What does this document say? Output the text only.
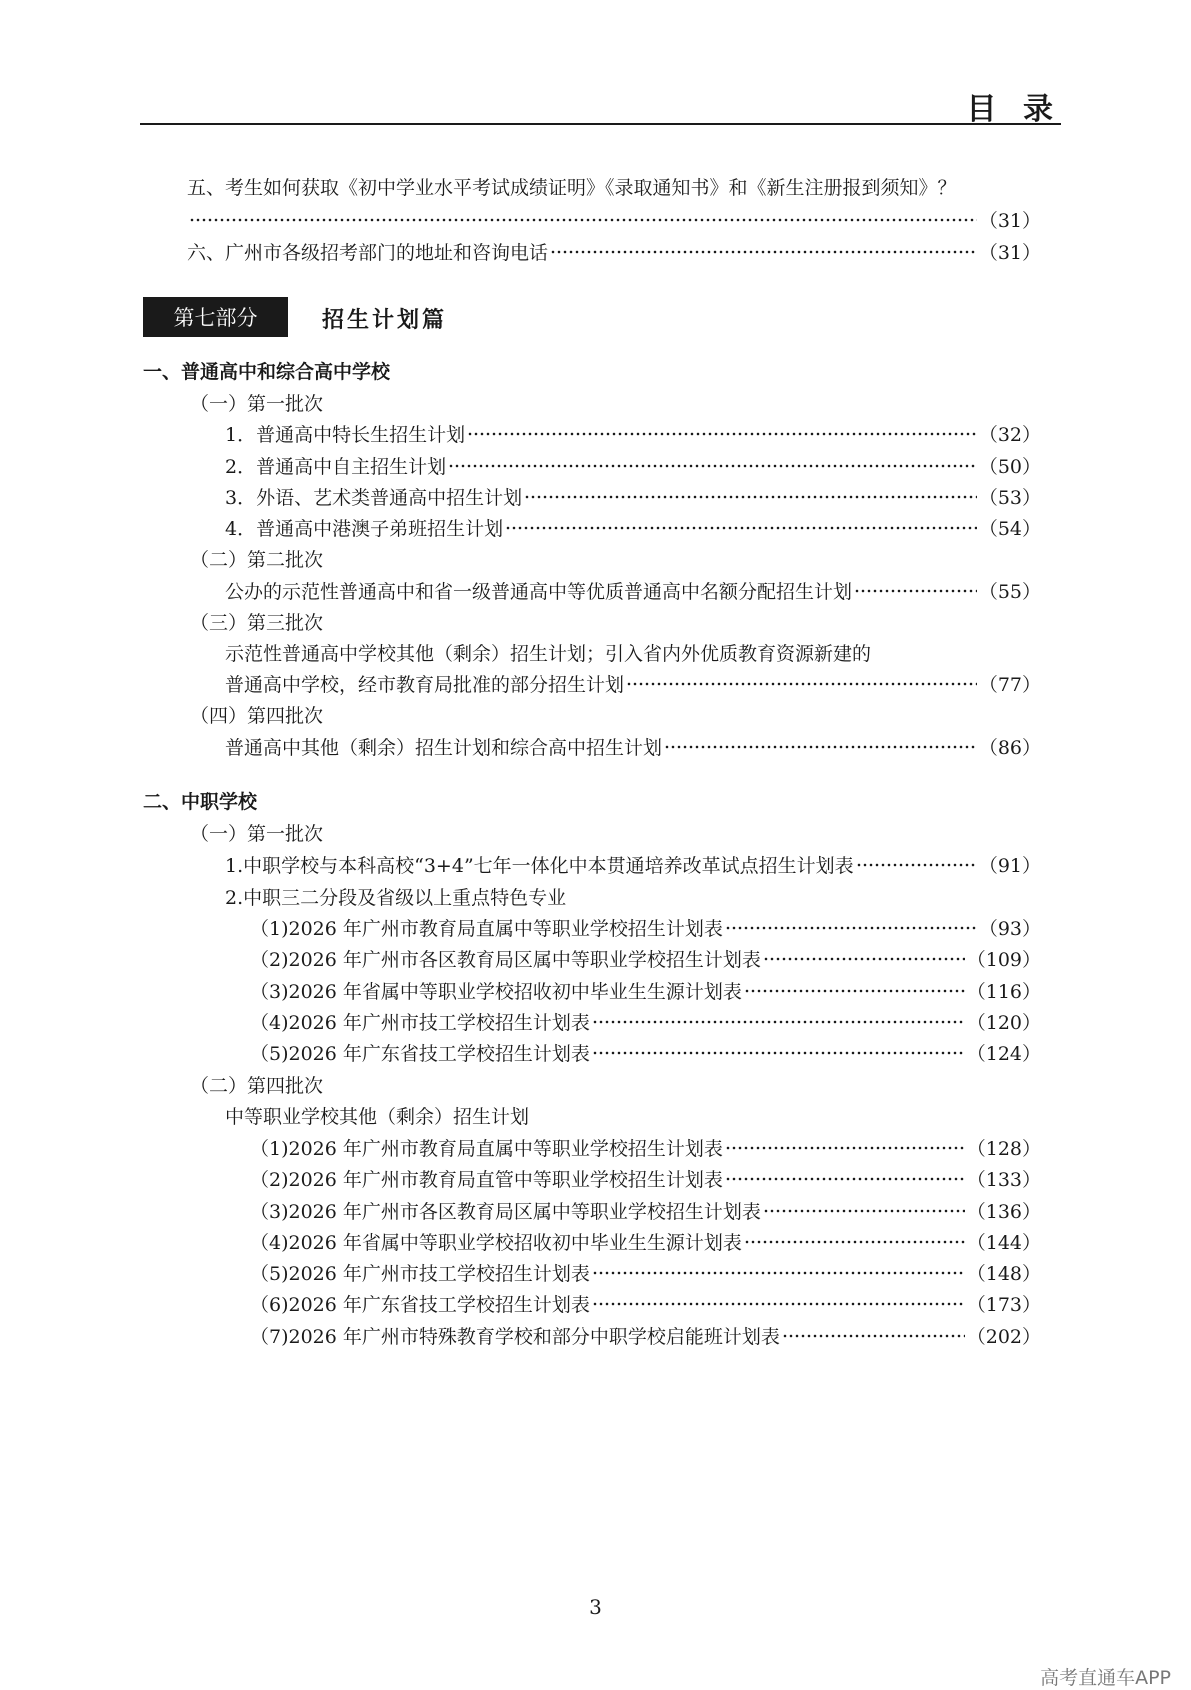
目 录
五、考生如何获取《初中学业水平考试成绩证明》《录取通知书》和《新生注册报到须知》？
（31）
六、广州市各级招考部门的地址和咨询电话	（31）
第七部分	招生计划篇
一、普通高中和综合高中学校
（一）第一批次
1．普通高中特长生招生计划	（32）
2．普通高中自主招生计划	（50）
3．外语、艺术类普通高中招生计划	（53）
4．普通高中港澳子弟班招生计划	（54）
（二）第二批次
公办的示范性普通高中和省一级普通高中等优质普通高中名额分配招生计划	（55）
（三）第三批次
示范性普通高中学校其他（剩余）招生计划；引入省内外优质教育资源新建的
普通高中学校，经市教育局批准的部分招生计划	（77）
（四）第四批次
普通高中其他（剩余）招生计划和综合高中招生计划	（86）
二、中职学校
（一）第一批次
1.中职学校与本科高校“3+4”七年一体化中本贯通培养改革试点招生计划表	（91）
2.中职三二分段及省级以上重点特色专业
（1)2026 年广州市教育局直属中等职业学校招生计划表	（93）
（2)2026 年广州市各区教育局区属中等职业学校招生计划表	（109）
（3)2026 年省属中等职业学校招收初中毕业生生源计划表	（116）
（4)2026 年广州市技工学校招生计划表	（120）
（5)2026 年广东省技工学校招生计划表	（124）
（二）第四批次
中等职业学校其他（剩余）招生计划
（1)2026 年广州市教育局直属中等职业学校招生计划表	（128）
（2)2026 年广州市教育局直管中等职业学校招生计划表	（133）
（3)2026 年广州市各区教育局区属中等职业学校招生计划表	（136）
（4)2026 年省属中等职业学校招收初中毕业生生源计划表	（144）
（5)2026 年广州市技工学校招生计划表	（148）
（6)2026 年广东省技工学校招生计划表	（173）
（7)2026 年广州市特殊教育学校和部分中职学校启能班计划表	（202）
3
高考直通车APP
